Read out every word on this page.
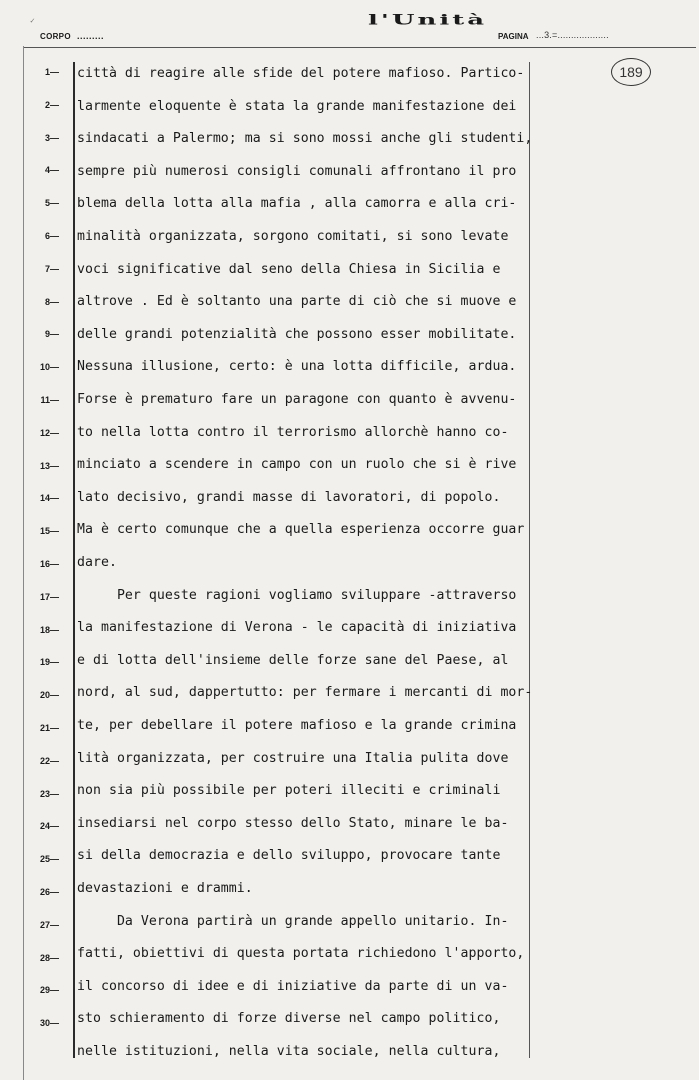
✓
CORPO .........
l'Unità
PAGINA ...3.=...................
189
1 —
2 —
3 —
4 —
5 —
6 —
7 —
8 —
9 —
10 —
11 —
12 —
13 —
14 —
15 —
16 —
17 —
18 —
19 —
20 —
21 —
22 —
23 —
24 —
25 —
26 —
27 —
28 —
29 —
30 —
città di reagire alle sfide del potere mafioso. Partico-
larmente eloquente è stata la grande manifestazione dei
sindacati a Palermo; ma si sono mossi anche gli studenti,
sempre più numerosi consigli comunali affrontano il pro
blema della lotta alla mafia , alla camorra e alla cri-
minalità organizzata, sorgono comitati, si sono levate
voci significative dal seno della Chiesa in Sicilia e
altrove . Ed è soltanto una parte di ciò che si muove e
delle grandi potenzialità che possono esser mobilitate.
Nessuna illusione, certo: è una lotta difficile, ardua.
Forse è prematuro fare un paragone con quanto è avvenu-
to nella lotta contro il terrorismo allorchè hanno co-
minciato a scendere in campo con un ruolo che si è rive
lato decisivo, grandi masse di lavoratori, di popolo.
Ma è certo comunque che a quella esperienza occorre guar
dare.
Per queste ragioni vogliamo sviluppare -attraverso
la manifestazione di Verona - le capacità di iniziativa
e di lotta dell'insieme delle forze sane del Paese, al
nord, al sud, dappertutto: per fermare i mercanti di mor-
te, per debellare il potere mafioso e la grande crimina
lità organizzata, per costruire una Italia pulita dove
non sia più possibile per poteri illeciti e criminali
insediarsi nel corpo stesso dello Stato, minare le ba-
si della democrazia e dello sviluppo, provocare tante
devastazioni e drammi.
Da Verona partirà un grande appello unitario. In-
fatti, obiettivi di questa portata richiedono l'apporto,
il concorso di idee e di iniziative da parte di un va-
sto schieramento di forze diverse nel campo politico,
nelle istituzioni, nella vita sociale, nella cultura,
